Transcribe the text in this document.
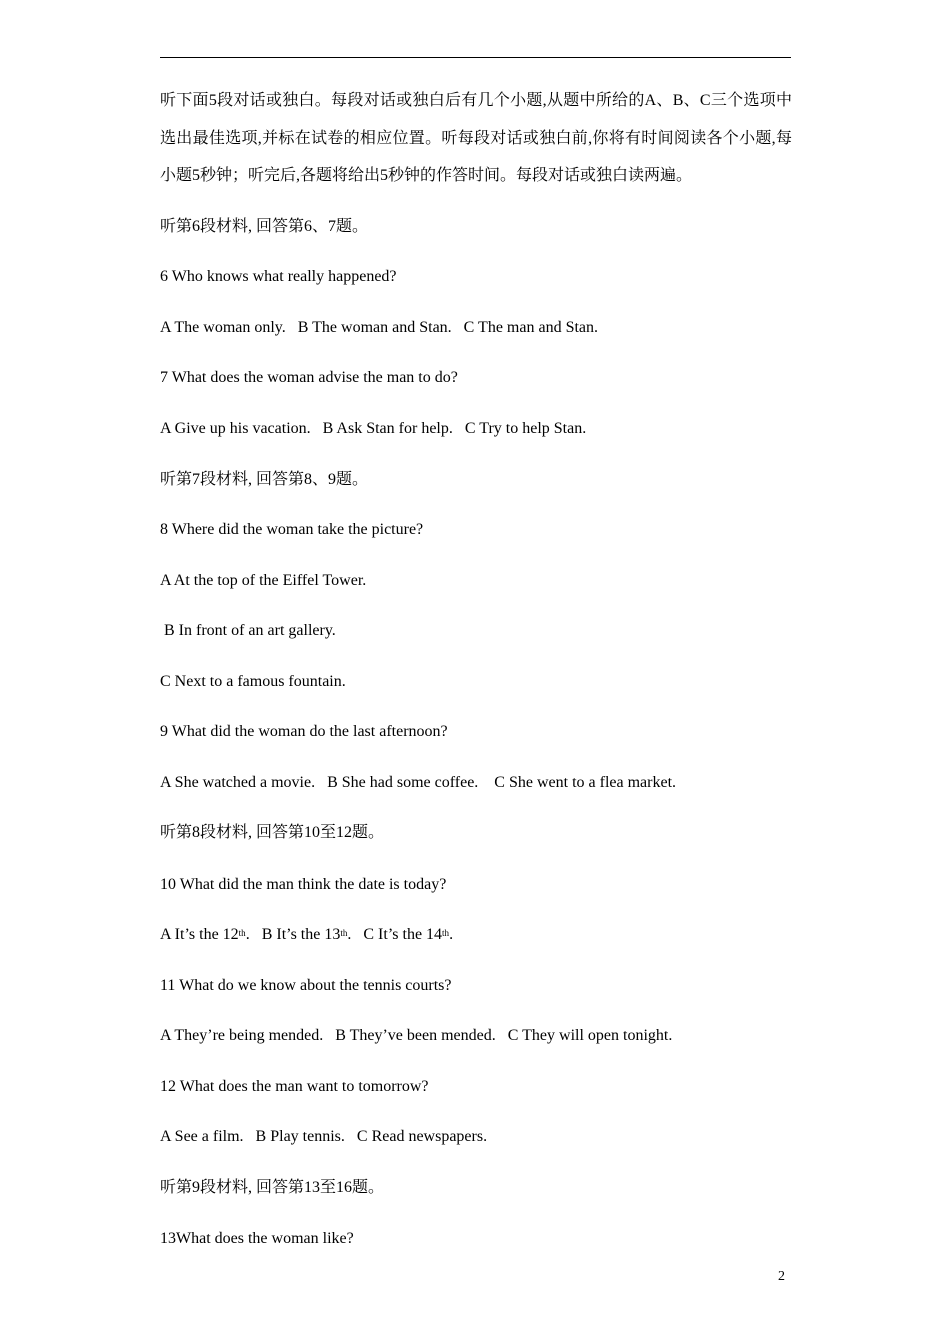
听下面5段对话或独白。每段对话或独白后有几个小题,从题中所给的A、B、C三个选项中选出最佳选项,并标在试卷的相应位置。听每段对话或独白前,你将有时间阅读各个小题,每小题5秒钟；听完后,各题将给出5秒钟的作答时间。每段对话或独白读两遍。
听第6段材料, 回答第6、7题。
6 Who knows what really happened?
A The woman only. B The woman and Stan. C The man and Stan.
7 What does the woman advise the man to do?
A Give up his vacation. B Ask Stan for help. C Try to help Stan.
听第7段材料, 回答第8、9题。
8 Where did the woman take the picture?
A At the top of the Eiffel Tower.
B In front of an art gallery.
C Next to a famous fountain.
9 What did the woman do the last afternoon?
A She watched a movie. B She had some coffee. C She went to a flea market.
听第8段材料, 回答第10至12题。
10 What did the man think the date is today?
A It’s the 12th. B It’s the 13th. C It’s the 14th.
11 What do we know about the tennis courts?
A They’re being mended. B They’ve been mended. C They will open tonight.
12 What does the man want to tomorrow?
A See a film. B Play tennis. C Read newspapers.
听第9段材料, 回答第13至16题。
13What does the woman like?
2
